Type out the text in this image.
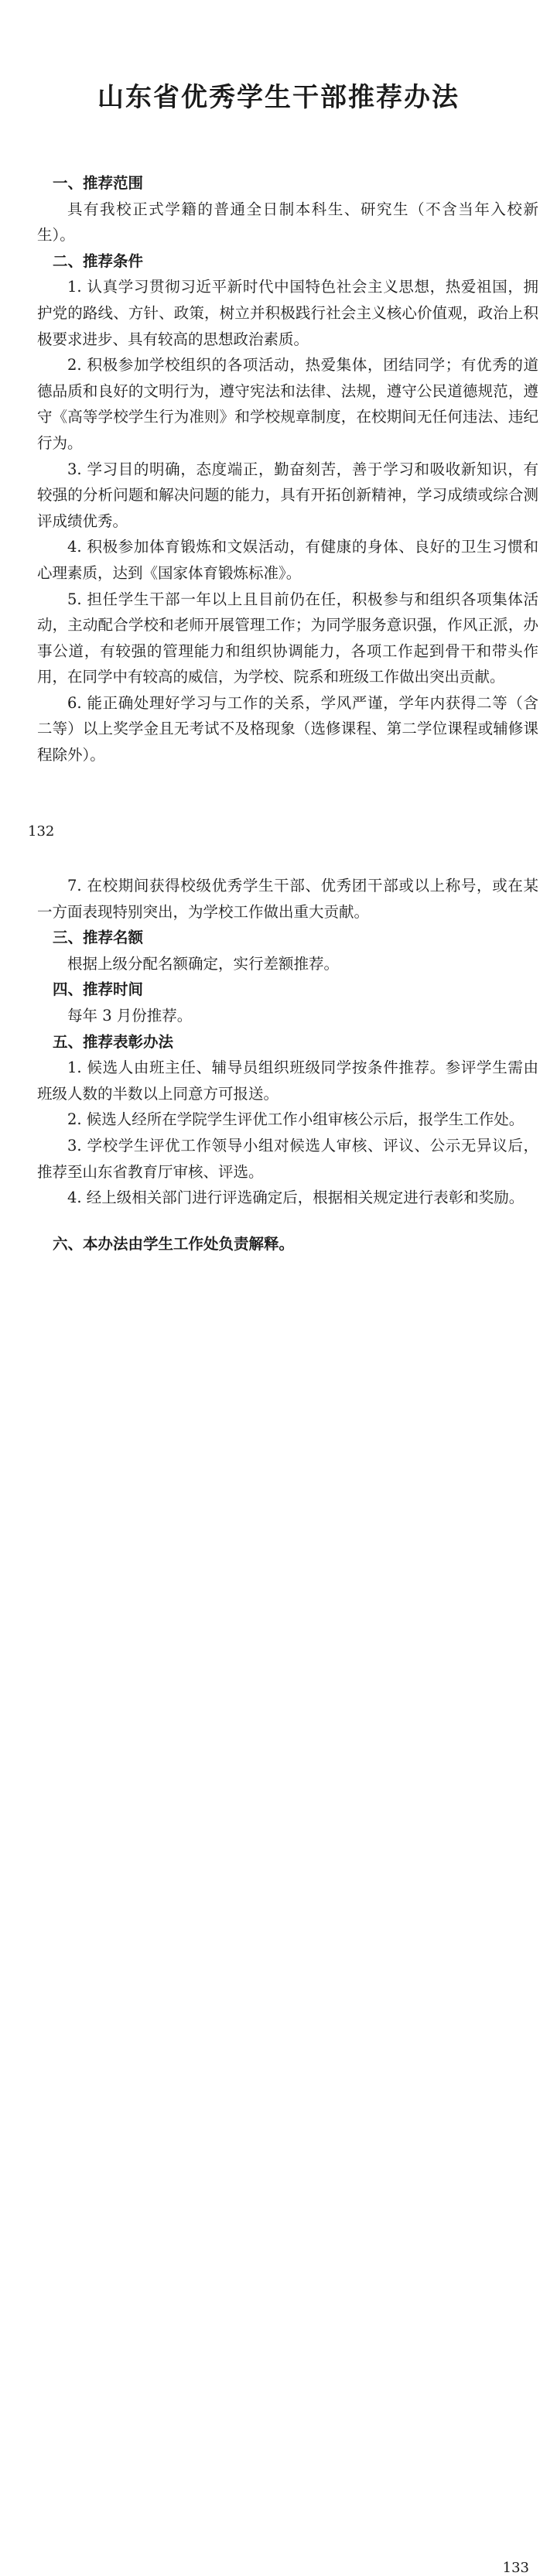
山东省优秀学生干部推荐办法
132
133

一、推荐范围

具有我校正式学籍的普通全日制本科生、研究生（不含当年入校新生）。

二、推荐条件

1. 认真学习贯彻习近平新时代中国特色社会主义思想，热爱祖国，拥护党的路线、方针、政策，树立并积极践行社会主义核心价值观，政治上积极要求进步、具有较高的思想政治素质。

2. 积极参加学校组织的各项活动，热爱集体，团结同学；有优秀的道德品质和良好的文明行为，遵守宪法和法律、法规，遵守公民道德规范，遵守《高等学校学生行为准则》和学校规章制度，在校期间无任何违法、违纪行为。

3. 学习目的明确，态度端正，勤奋刻苦，善于学习和吸收新知识，有较强的分析问题和解决问题的能力，具有开拓创新精神，学习成绩或综合测评成绩优秀。

4. 积极参加体育锻炼和文娱活动，有健康的身体、良好的卫生习惯和心理素质，达到《国家体育锻炼标准》。

5. 担任学生干部一年以上且目前仍在任，积极参与和组织各项集体活动，主动配合学校和老师开展管理工作；为同学服务意识强，作风正派，办事公道，有较强的管理能力和组织协调能力，各项工作起到骨干和带头作用，在同学中有较高的威信，为学校、院系和班级工作做出突出贡献。

6. 能正确处理好学习与工作的关系，学风严谨，学年内获得二等（含二等）以上奖学金且无考试不及格现象（选修课程、第二学位课程或辅修课程除外）。

7. 在校期间获得校级优秀学生干部、优秀团干部或以上称号，或在某一方面表现特别突出，为学校工作做出重大贡献。

三、推荐名额

根据上级分配名额确定，实行差额推荐。

四、推荐时间

每年 3 月份推荐。

五、推荐表彰办法

1. 候选人由班主任、辅导员组织班级同学按条件推荐。参评学生需由班级人数的半数以上同意方可报送。

2. 候选人经所在学院学生评优工作小组审核公示后，报学生工作处。

3. 学校学生评优工作领导小组对候选人审核、评议、公示无异议后，推荐至山东省教育厅审核、评选。

4. 经上级相关部门进行评选确定后，根据相关规定进行表彰和奖励。

六、本办法由学生工作处负责解释。
